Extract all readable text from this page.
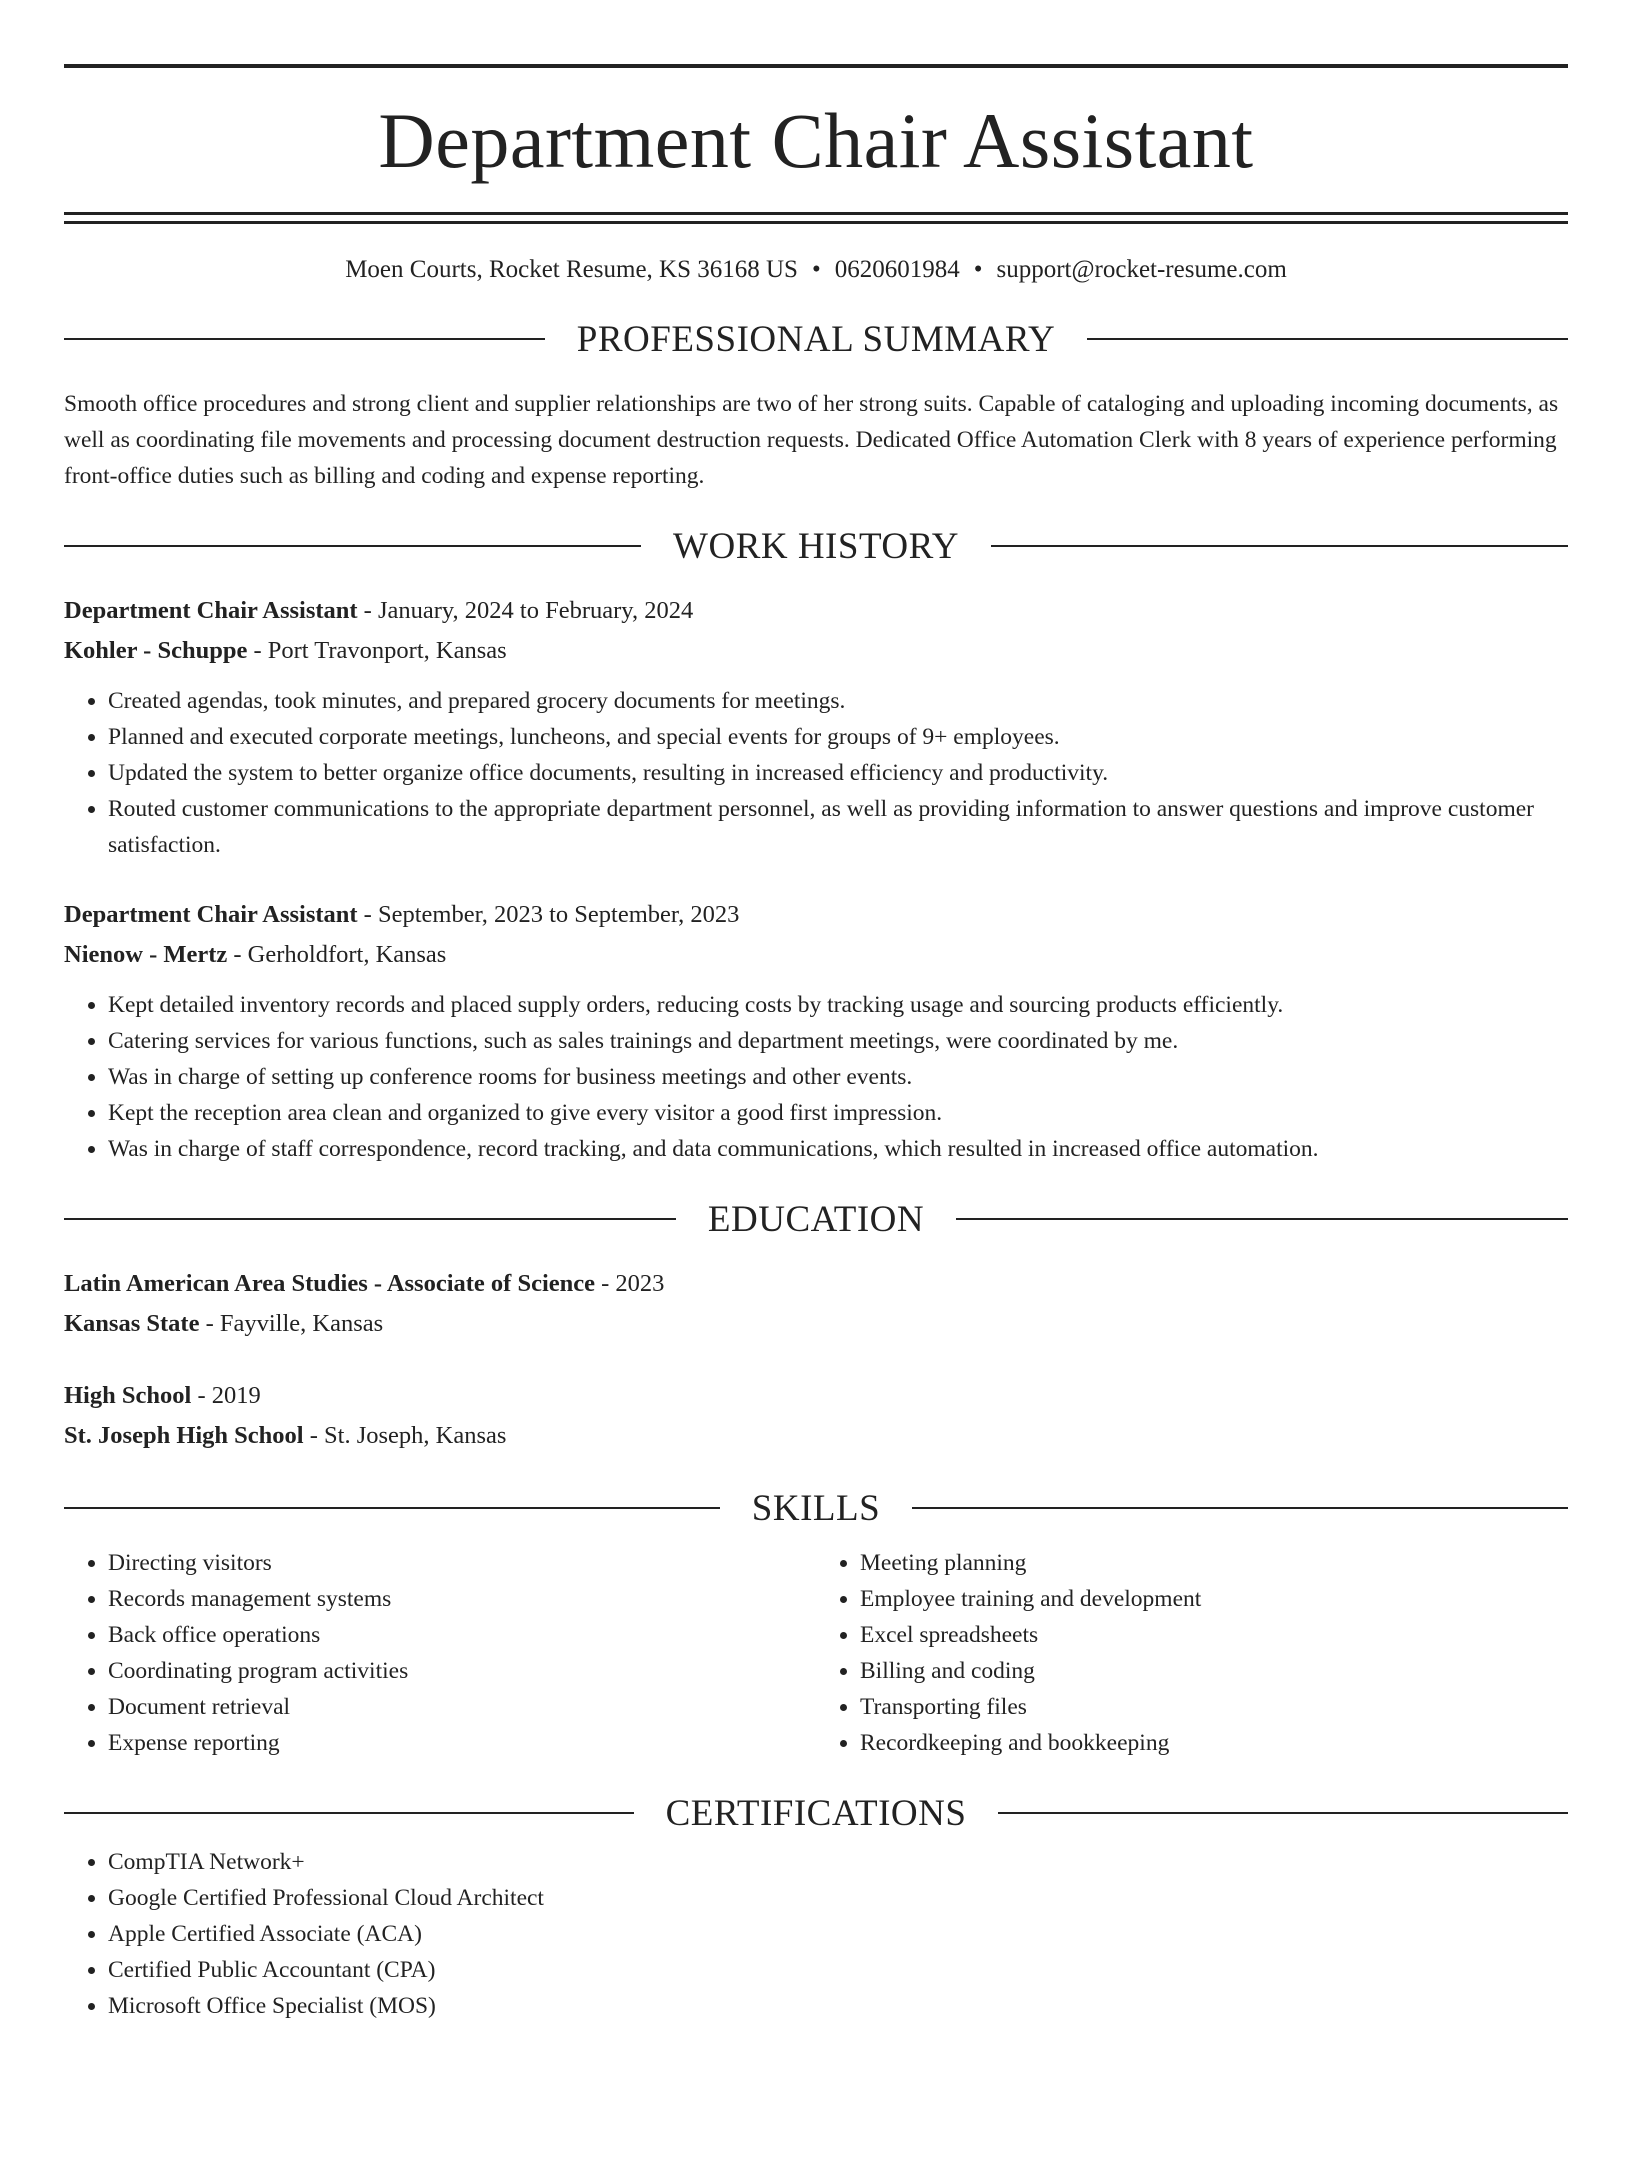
Department Chair Assistant
Moen Courts, Rocket Resume, KS 36168 US • 0620601984 • support@rocket-resume.com
PROFESSIONAL SUMMARY
Smooth office procedures and strong client and supplier relationships are two of her strong suits. Capable of cataloging and uploading incoming documents, as well as coordinating file movements and processing document destruction requests. Dedicated Office Automation Clerk with 8 years of experience performing front-office duties such as billing and coding and expense reporting.
WORK HISTORY
Department Chair Assistant - January, 2024 to February, 2024
Kohler - Schuppe - Port Travonport, Kansas
• Created agendas, took minutes, and prepared grocery documents for meetings.
• Planned and executed corporate meetings, luncheons, and special events for groups of 9+ employees.
• Updated the system to better organize office documents, resulting in increased efficiency and productivity.
• Routed customer communications to the appropriate department personnel, as well as providing information to answer questions and improve customer satisfaction.
Department Chair Assistant - September, 2023 to September, 2023
Nienow - Mertz - Gerholdfort, Kansas
• Kept detailed inventory records and placed supply orders, reducing costs by tracking usage and sourcing products efficiently.
• Catering services for various functions, such as sales trainings and department meetings, were coordinated by me.
• Was in charge of setting up conference rooms for business meetings and other events.
• Kept the reception area clean and organized to give every visitor a good first impression.
• Was in charge of staff correspondence, record tracking, and data communications, which resulted in increased office automation.
EDUCATION
Latin American Area Studies - Associate of Science - 2023
Kansas State - Fayville, Kansas
High School - 2019
St. Joseph High School - St. Joseph, Kansas
SKILLS
• Directing visitors
• Records management systems
• Back office operations
• Coordinating program activities
• Document retrieval
• Expense reporting
• Meeting planning
• Employee training and development
• Excel spreadsheets
• Billing and coding
• Transporting files
• Recordkeeping and bookkeeping
CERTIFICATIONS
• CompTIA Network+
• Google Certified Professional Cloud Architect
• Apple Certified Associate (ACA)
• Certified Public Accountant (CPA)
• Microsoft Office Specialist (MOS)
